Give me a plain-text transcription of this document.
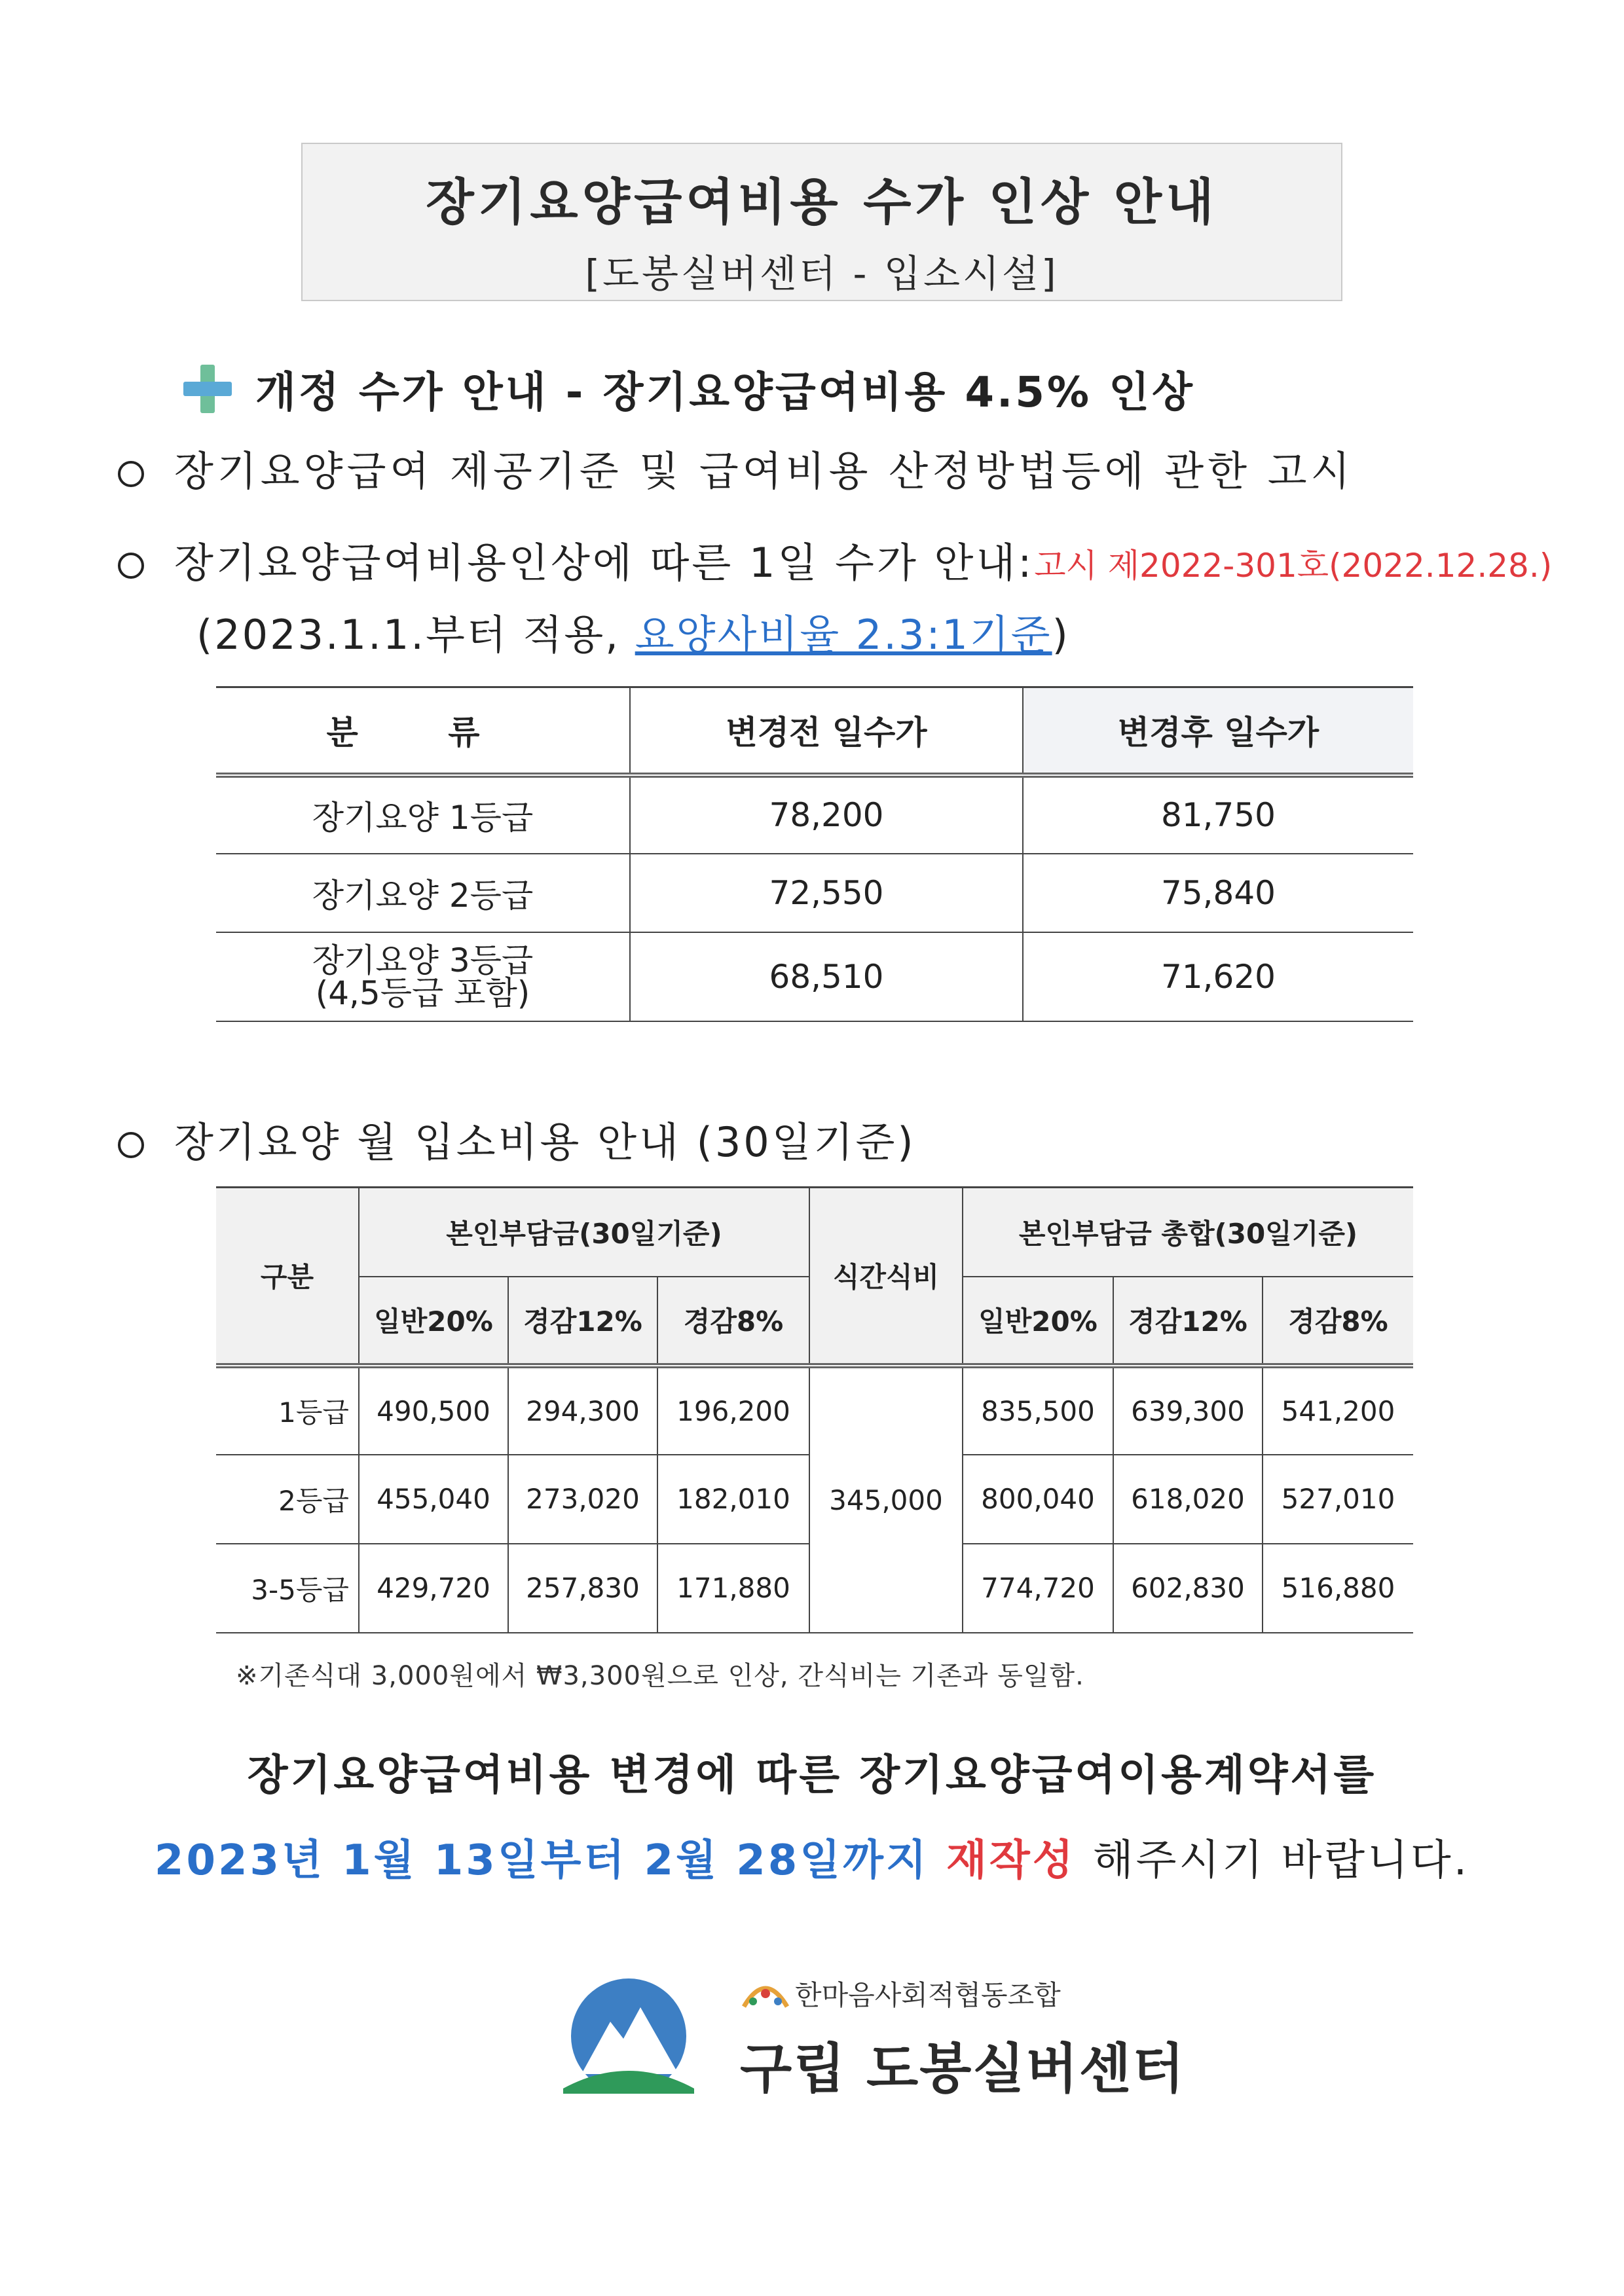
장기요양급여비용 수가 인상 안내
[도봉실버센터 - 입소시설]
개정 수가 안내 - 장기요양급여비용 4.5% 인상
장기요양급여 제공기준 및 급여비용 산정방법등에 관한 고시
장기요양급여비용인상에 따른 1일 수가 안내:고시 제2022-301호(2022.12.28.)
(2023.1.1.부터 적용, 요양사비율 2.3:1기준)
분 류	변경전 일수가	변경후 일수가
장기요양 1등급	78,200	81,750
장기요양 2등급	72,550	75,840

장기요양 3등급
(4,5등급 포함)	68,510	71,620
장기요양 월 입소비용 안내 (30일기준)
구분	본인부담금(30일기준)			식간식비	본인부담금 총합(30일기준)		
	일반20%	경감12%	경감8%		일반20%	경감12%	경감8%
1등급	490,500	294,300	196,200	345,000	835,500	639,300	541,200
2등급	455,040	273,020	182,010		800,040	618,020	527,010
3-5등급	429,720	257,830	171,880		774,720	602,830	516,880
※기존식대 3,000원에서 ₩3,300원으로 인상, 간식비는 기존과 동일함.
장기요양급여비용 변경에 따른 장기요양급여이용계약서를
2023년 1월 13일부터 2월 28일까지 재작성 해주시기 바랍니다.
한마음사회적협동조합
구립 도봉실버센터
